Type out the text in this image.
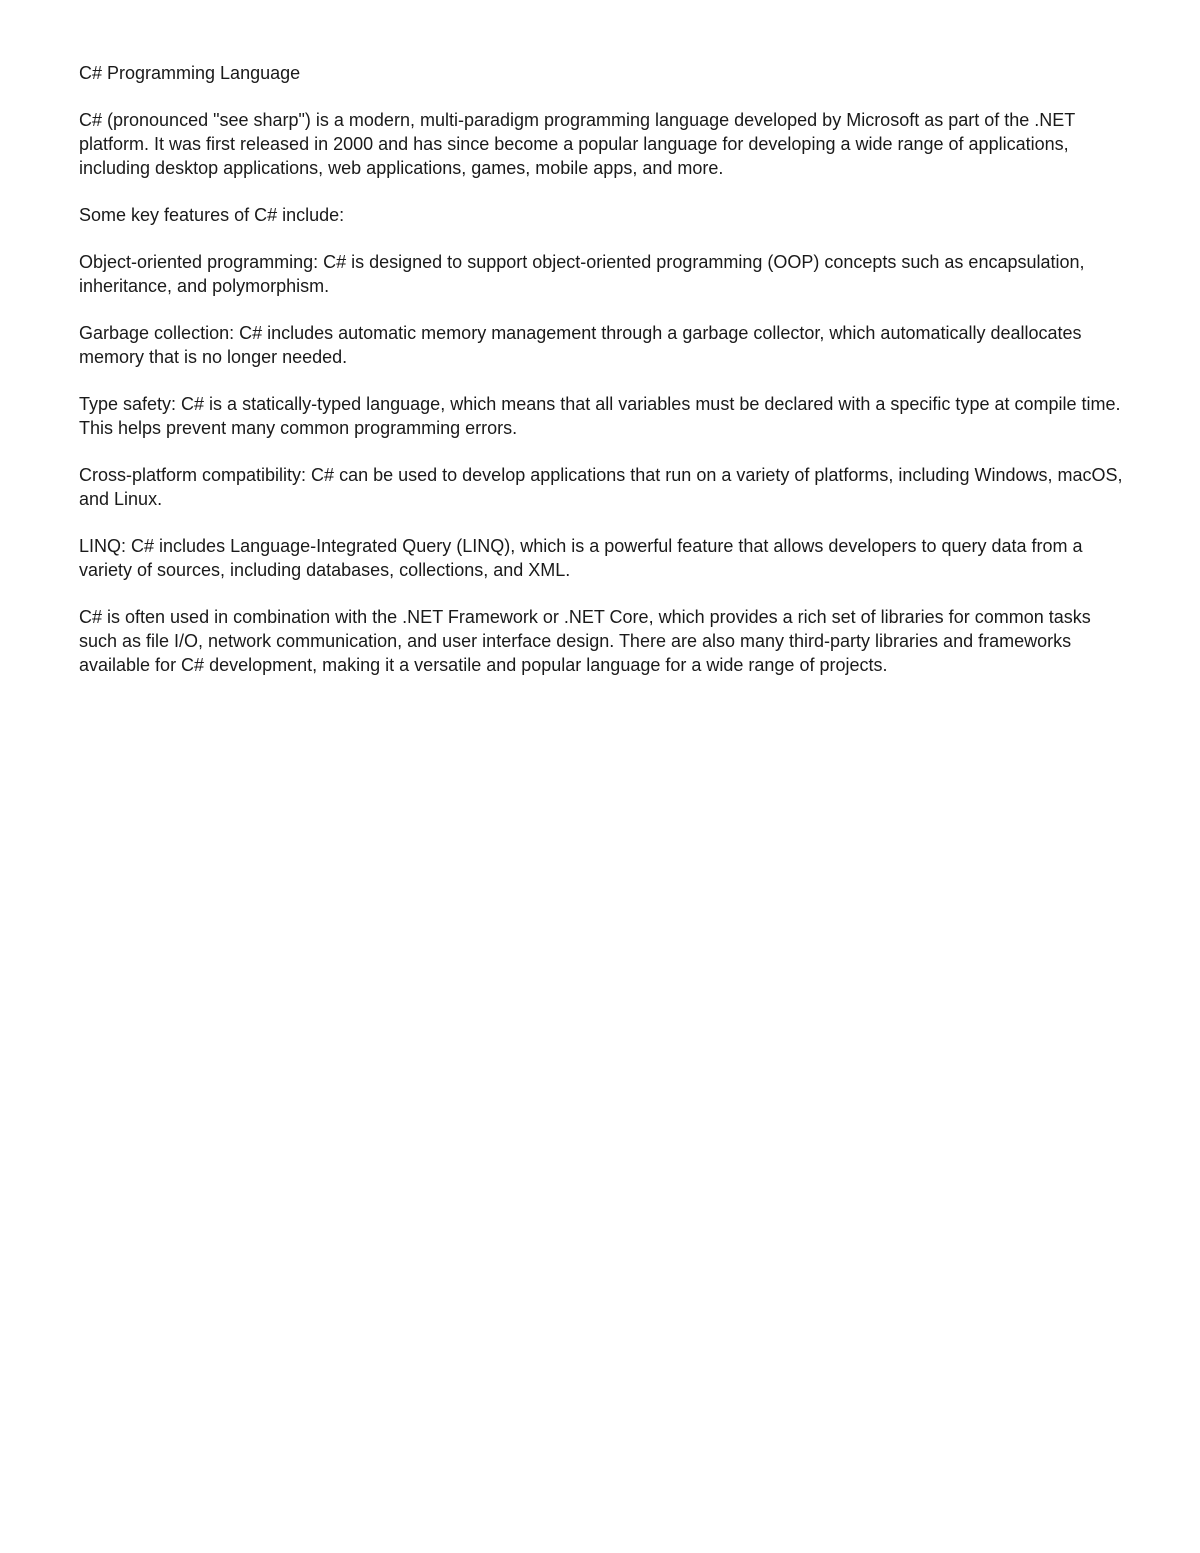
C# Programming Language

C# (pronounced "see sharp") is a modern, multi-paradigm programming language developed by Microsoft as part of the .NET platform. It was first released in 2000 and has since become a popular language for developing a wide range of applications, including desktop applications, web applications, games, mobile apps, and more.

Some key features of C# include:

Object-oriented programming: C# is designed to support object-oriented programming (OOP) concepts such as encapsulation, inheritance, and polymorphism.

Garbage collection: C# includes automatic memory management through a garbage collector, which automatically deallocates memory that is no longer needed.

Type safety: C# is a statically-typed language, which means that all variables must be declared with a specific type at compile time. This helps prevent many common programming errors.

Cross-platform compatibility: C# can be used to develop applications that run on a variety of platforms, including Windows, macOS, and Linux.

LINQ: C# includes Language-Integrated Query (LINQ), which is a powerful feature that allows developers to query data from a variety of sources, including databases, collections, and XML.

C# is often used in combination with the .NET Framework or .NET Core, which provides a rich set of libraries for common tasks such as file I/O, network communication, and user interface design. There are also many third-party libraries and frameworks available for C# development, making it a versatile and popular language for a wide range of projects.
